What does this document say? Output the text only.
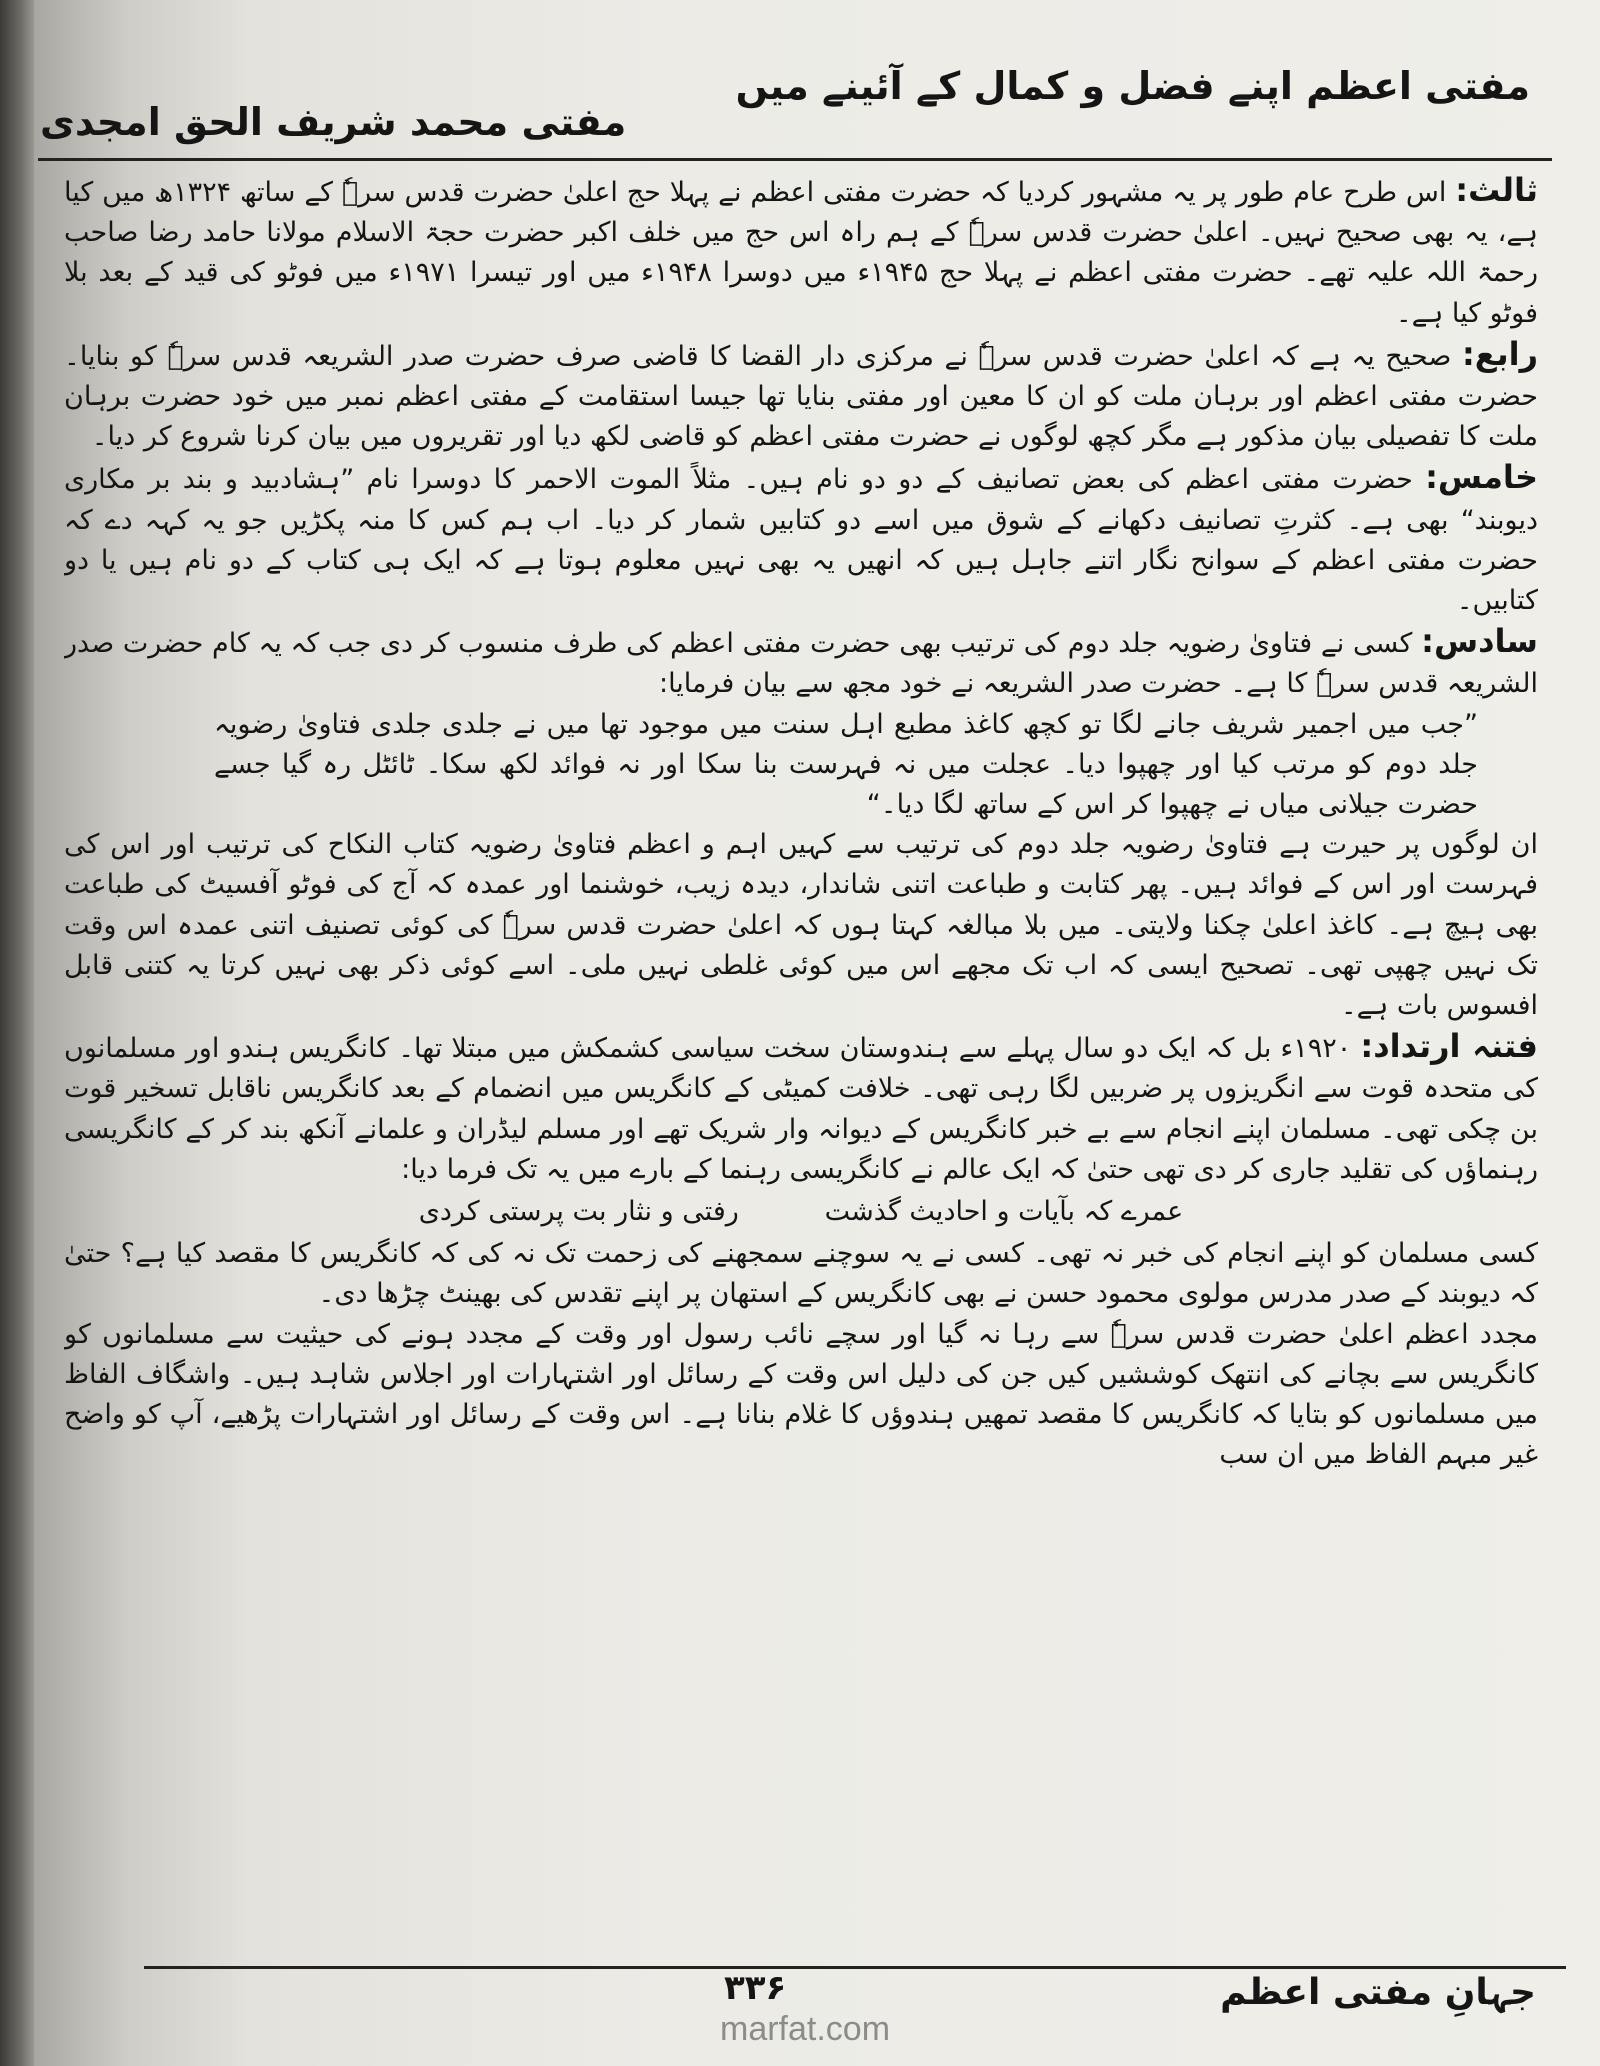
مفتی اعظم اپنے فضل و کمال کے آئینے میں
مفتی محمد شریف الحق امجدی

ثالث: اس طرح عام طور پر یہ مشہور کردیا کہ حضرت مفتی اعظم نے پہلا حج اعلیٰ حضرت قدس سرہٗ کے ساتھ ۱۳۲۴ھ میں کیا ہے، یہ بھی صحیح نہیں۔ اعلیٰ حضرت قدس سرہٗ کے ہم راہ اس حج میں خلف اکبر حضرت حجۃ الاسلام مولانا حامد رضا صاحب رحمۃ اللہ علیہ تھے۔ حضرت مفتی اعظم نے پہلا حج ۱۹۴۵ء میں دوسرا ۱۹۴۸ء میں اور تیسرا ۱۹۷۱ء میں فوٹو کی قید کے بعد بلا فوٹو کیا ہے۔

رابع: صحیح یہ ہے کہ اعلیٰ حضرت قدس سرہٗ نے مرکزی دار القضا کا قاضی صرف حضرت صدر الشریعہ قدس سرہٗ کو بنایا۔ حضرت مفتی اعظم اور برہان ملت کو ان کا معین اور مفتی بنایا تھا جیسا استقامت کے مفتی اعظم نمبر میں خود حضرت برہان ملت کا تفصیلی بیان مذکور ہے مگر کچھ لوگوں نے حضرت مفتی اعظم کو قاضی لکھ دیا اور تقریروں میں بیان کرنا شروع کر دیا۔

خامس: حضرت مفتی اعظم کی بعض تصانیف کے دو دو نام ہیں۔ مثلاً الموت الاحمر کا دوسرا نام ”ہشادبید و بند بر مکاری دیوبند“ بھی ہے۔ کثرتِ تصانیف دکھانے کے شوق میں اسے دو کتابیں شمار کر دیا۔ اب ہم کس کا منہ پکڑیں جو یہ کہہ دے کہ حضرت مفتی اعظم کے سوانح نگار اتنے جاہل ہیں کہ انھیں یہ بھی نہیں معلوم ہوتا ہے کہ ایک ہی کتاب کے دو نام ہیں یا دو کتابیں۔

سادس: کسی نے فتاویٰ رضویہ جلد دوم کی ترتیب بھی حضرت مفتی اعظم کی طرف منسوب کر دی جب کہ یہ کام حضرت صدر الشریعہ قدس سرہٗ کا ہے۔ حضرت صدر الشریعہ نے خود مجھ سے بیان فرمایا:

”جب میں اجمیر شریف جانے لگا تو کچھ کاغذ مطبع اہل سنت میں موجود تھا میں نے جلدی جلدی فتاویٰ رضویہ جلد دوم کو مرتب کیا اور چھپوا دیا۔ عجلت میں نہ فہرست بنا سکا اور نہ فوائد لکھ سکا۔ ٹائٹل رہ گیا جسے حضرت جیلانی میاں نے چھپوا کر اس کے ساتھ لگا دیا۔“

ان لوگوں پر حیرت ہے فتاویٰ رضویہ جلد دوم کی ترتیب سے کہیں اہم و اعظم فتاویٰ رضویہ کتاب النکاح کی ترتیب اور اس کی فہرست اور اس کے فوائد ہیں۔ پھر کتابت و طباعت اتنی شاندار، دیدہ زیب، خوشنما اور عمدہ کہ آج کی فوٹو آفسیٹ کی طباعت بھی ہیچ ہے۔ کاغذ اعلیٰ چکنا ولایتی۔ میں بلا مبالغہ کہتا ہوں کہ اعلیٰ حضرت قدس سرہٗ کی کوئی تصنیف اتنی عمدہ اس وقت تک نہیں چھپی تھی۔ تصحیح ایسی کہ اب تک مجھے اس میں کوئی غلطی نہیں ملی۔ اسے کوئی ذکر بھی نہیں کرتا یہ کتنی قابل افسوس بات ہے۔

فتنہ ارتداد: ۱۹۲۰ء بل کہ ایک دو سال پہلے سے ہندوستان سخت سیاسی کشمکش میں مبتلا تھا۔ کانگریس ہندو اور مسلمانوں کی متحدہ قوت سے انگریزوں پر ضربیں لگا رہی تھی۔ خلافت کمیٹی کے کانگریس میں انضمام کے بعد کانگریس ناقابل تسخیر قوت بن چکی تھی۔ مسلمان اپنے انجام سے بے خبر کانگریس کے دیوانہ وار شریک تھے اور مسلم لیڈران و علمانے آنکھ بند کر کے کانگریسی رہنماؤں کی تقلید جاری کر دی تھی حتیٰ کہ ایک عالم نے کانگریسی رہنما کے بارے میں یہ تک فرما دیا:

عمرے کہ بآیات و احادیث گذشت          رفتی و نثار بت پرستی کردی

کسی مسلمان کو اپنے انجام کی خبر نہ تھی۔ کسی نے یہ سوچنے سمجھنے کی زحمت تک نہ کی کہ کانگریس کا مقصد کیا ہے؟ حتیٰ کہ دیوبند کے صدر مدرس مولوی محمود حسن نے بھی کانگریس کے استھان پر اپنے تقدس کی بھینٹ چڑھا دی۔

مجدد اعظم اعلیٰ حضرت قدس سرہٗ سے رہا نہ گیا اور سچے نائب رسول اور وقت کے مجدد ہونے کی حیثیت سے مسلمانوں کو کانگریس سے بچانے کی انتھک کوششیں کیں جن کی دلیل اس وقت کے رسائل اور اشتہارات اور اجلاس شاہد ہیں۔ واشگاف الفاظ میں مسلمانوں کو بتایا کہ کانگریس کا مقصد تمھیں ہندوؤں کا غلام بنانا ہے۔ اس وقت کے رسائل اور اشتہارات پڑھیے، آپ کو واضح غیر مبہم الفاظ میں ان سب

جہانِ مفتی اعظم
۳۳۶
marfat.com
